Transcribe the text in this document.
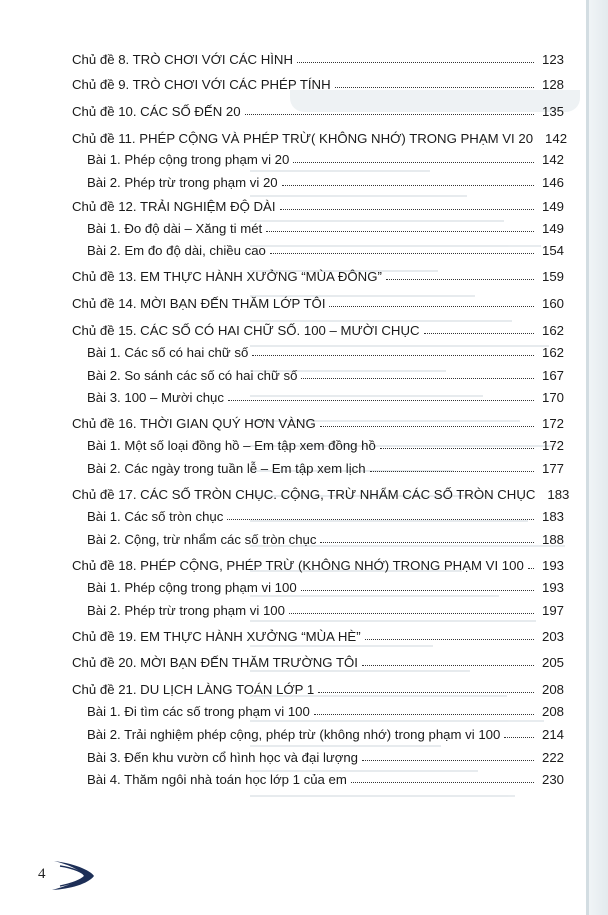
Chủ đề 8. TRÒ CHƠI VỚI CÁC HÌNH	123
Chủ đề 9. TRÒ CHƠI VỚI CÁC PHÉP TÍNH	128
Chủ đề 10. CÁC SỐ ĐẾN 20	135
Chủ đề 11. PHÉP CỘNG VÀ PHÉP TRỪ( KHÔNG NHỚ) TRONG PHẠM VI 20 142
Bài 1. Phép cộng trong phạm vi 20	142
Bài 2. Phép trừ trong phạm vi 20	146
Chủ đề 12. TRẢI NGHIỆM ĐỘ DÀI	149
Bài 1. Đo độ dài – Xăng ti mét	149
Bài 2. Em đo độ dài, chiều cao	154
Chủ đề 13. EM THỰC HÀNH XƯỞNG “MÙA ĐÔNG”	159
Chủ đề 14. MỜI BẠN ĐẾN THĂM LỚP TÔI	160
Chủ đề 15. CÁC SỐ CÓ HAI CHỮ SỐ. 100 – MƯỜI CHỤC	162
Bài 1. Các số có hai chữ số	162
Bài 2. So sánh các số có hai chữ số	167
Bài 3. 100 – Mười chục	170
Chủ đề 16. THỜI GIAN QUÝ HƠN VÀNG	172
Bài 1. Một số loại đồng hồ – Em tập xem đồng hồ	172
Bài 2. Các ngày trong tuần lễ – Em tập xem lịch	177
Chủ đề 17. CÁC SỐ TRÒN CHỤC. CỘNG, TRỪ NHẨM CÁC SỐ TRÒN CHỤC 183
Bài 1. Các số tròn chục	183
Bài 2. Cộng, trừ nhẩm các số tròn chục	188
Chủ đề 18. PHÉP CỘNG, PHÉP TRỪ (KHÔNG NHỚ) TRONG PHẠM VI 100	193
Bài 1. Phép cộng trong phạm vi 100	193
Bài 2. Phép trừ trong phạm vi 100	197
Chủ đề 19. EM THỰC HÀNH XƯỞNG “MÙA HÈ”	203
Chủ đề 20. MỜI BẠN ĐẾN THĂM TRƯỜNG TÔI	205
Chủ đề 21. DU LỊCH LÀNG TOÁN LỚP 1	208
Bài 1. Đi tìm các số trong phạm vi 100	208
Bài 2. Trải nghiệm phép cộng, phép trừ (không nhớ) trong phạm vi 100	214
Bài 3. Đến khu vườn cổ hình học và đại lượng	222
Bài 4. Thăm ngôi nhà toán học lớp 1 của em	230
4
